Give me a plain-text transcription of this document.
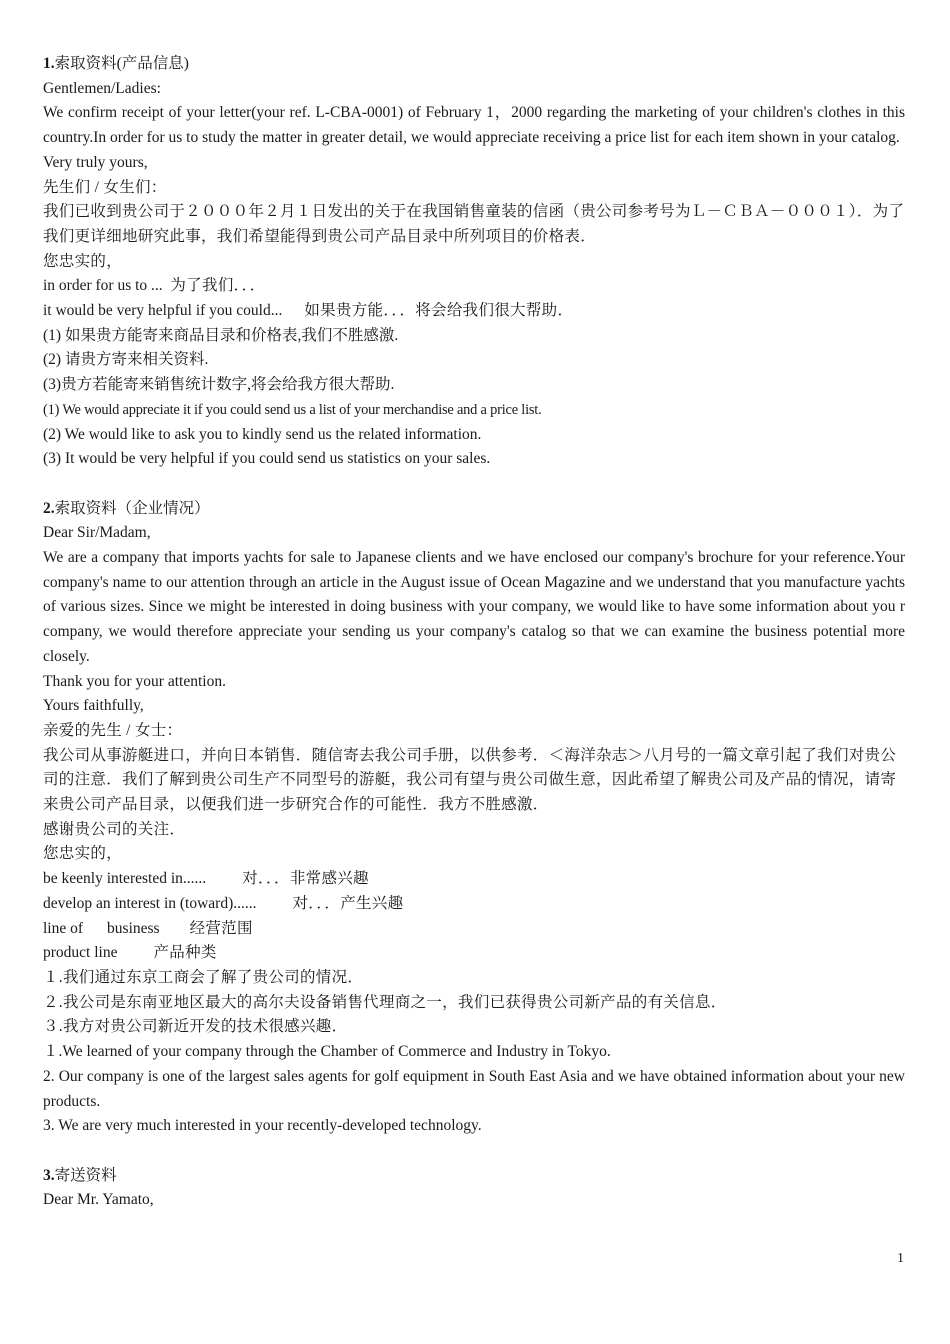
1.索取资料(产品信息)
Gentlemen/Ladies:
We confirm receipt of your letter(your ref. L-CBA-0001) of February 1，2000 regarding the marketing of your children's clothes in this country.In order for us to study the matter in greater detail, we would appreciate receiving a price list for each item shown in your catalog.
Very truly yours,
先生们 / 女生们：
我们已收到贵公司于２０００年２月１日发出的关于在我国销售童装的信函（贵公司参考号为Ｌ－ＣＢＡ－０００１）．为了我们更详细地研究此事，我们希望能得到贵公司产品目录中所列项目的价格表．
您忠实的，
in order for us to ... 为了我们．．．
it would be very helpful if you could... 如果贵方能．．．将会给我们很大帮助．
(1) 如果贵方能寄来商品目录和价格表,我们不胜感激.
(2) 请贵方寄来相关资料.
(3)贵方若能寄来销售统计数字,将会给我方很大帮助.
(1) We would appreciate it if you could send us a list of your merchandise and a price list.
(2) We would like to ask you to kindly send us the related information.
(3) It would be very helpful if you could send us statistics on your sales.
2.索取资料（企业情况）
Dear Sir/Madam,
We are a company that imports yachts for sale to Japanese clients and we have enclosed our company's brochure for your reference.Your company's name to our attention through an article in the August issue of Ocean Magazine and we understand that you manufacture yachts of various sizes. Since we might be interested in doing business with your company, we would like to have some information about you r company, we would therefore appreciate your sending us your company's catalog so that we can examine the business potential more closely.
Thank you for your attention.
Yours faithfully,
亲爱的先生 / 女士：
我公司从事游艇进口，并向日本销售．随信寄去我公司手册，以供参考．＜海洋杂志＞八月号的一篇文章引起了我们对贵公司的注意．我们了解到贵公司生产不同型号的游艇，我公司有望与贵公司做生意，因此希望了解贵公司及产品的情况，请寄来贵公司产品目录，以便我们进一步研究合作的可能性．我方不胜感激．
感谢贵公司的关注．
您忠实的，
be keenly interested in...... 对．．．非常感兴趣
develop an interest in (toward)...... 对．．．产生兴趣
line of business 经营范围
product line 产品种类
１.我们通过东京工商会了解了贵公司的情况．
２.我公司是东南亚地区最大的高尔夫设备销售代理商之一，我们已获得贵公司新产品的有关信息．
３.我方对贵公司新近开发的技术很感兴趣．
１.We learned of your company through the Chamber of Commerce and Industry in Tokyo.
2. Our company is one of the largest sales agents for golf equipment in South East Asia and we have obtained information about your new products.
3. We are very much interested in your recently-developed technology.
3.寄送资料
Dear Mr. Yamato,
1
